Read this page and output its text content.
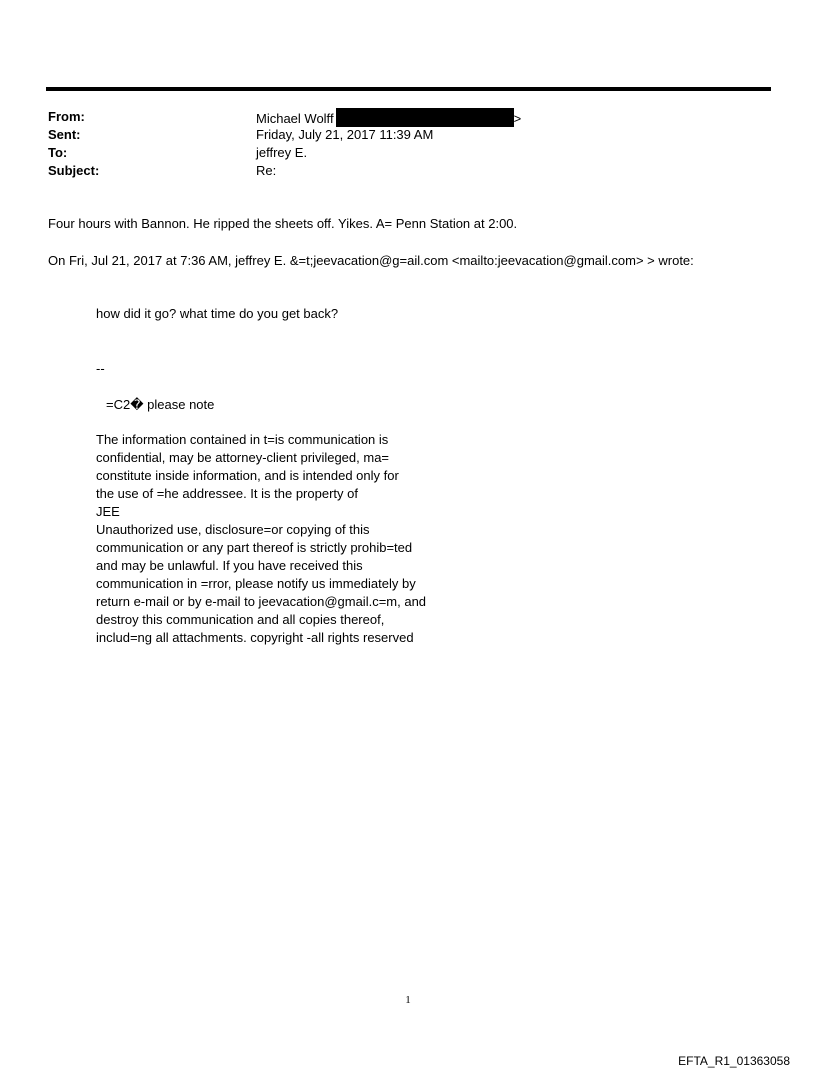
From:	Michael Wolff	>
Sent:	Friday, July 21, 2017 11:39 AM
To:	jeffrey E.
Subject:	Re:
Four hours with Bannon. He ripped the sheets off. Yikes. A= Penn Station at 2:00.
On Fri, Jul 21, 2017 at 7:36 AM, jeffrey E. &=t;jeevacation@g=ail.com <mailto:jeevacation@gmail.com> > wrote:
how did it go? what time do you get back?
--
=C2� please note
The information contained in t=is communication is
confidential, may be attorney-client privileged, ma=
constitute inside information, and is intended only for
the use of =he addressee. It is the property of
JEE
Unauthorized use, disclosure=or copying of this
communication or any part thereof is strictly prohib=ted
and may be unlawful. If you have received this
communication in =rror, please notify us immediately by
return e-mail or by e-mail to jeevacation@gmail.c=m, and
destroy this communication and all copies thereof,
includ=ng all attachments. copyright -all rights reserved
1
EFTA_R1_01363058
